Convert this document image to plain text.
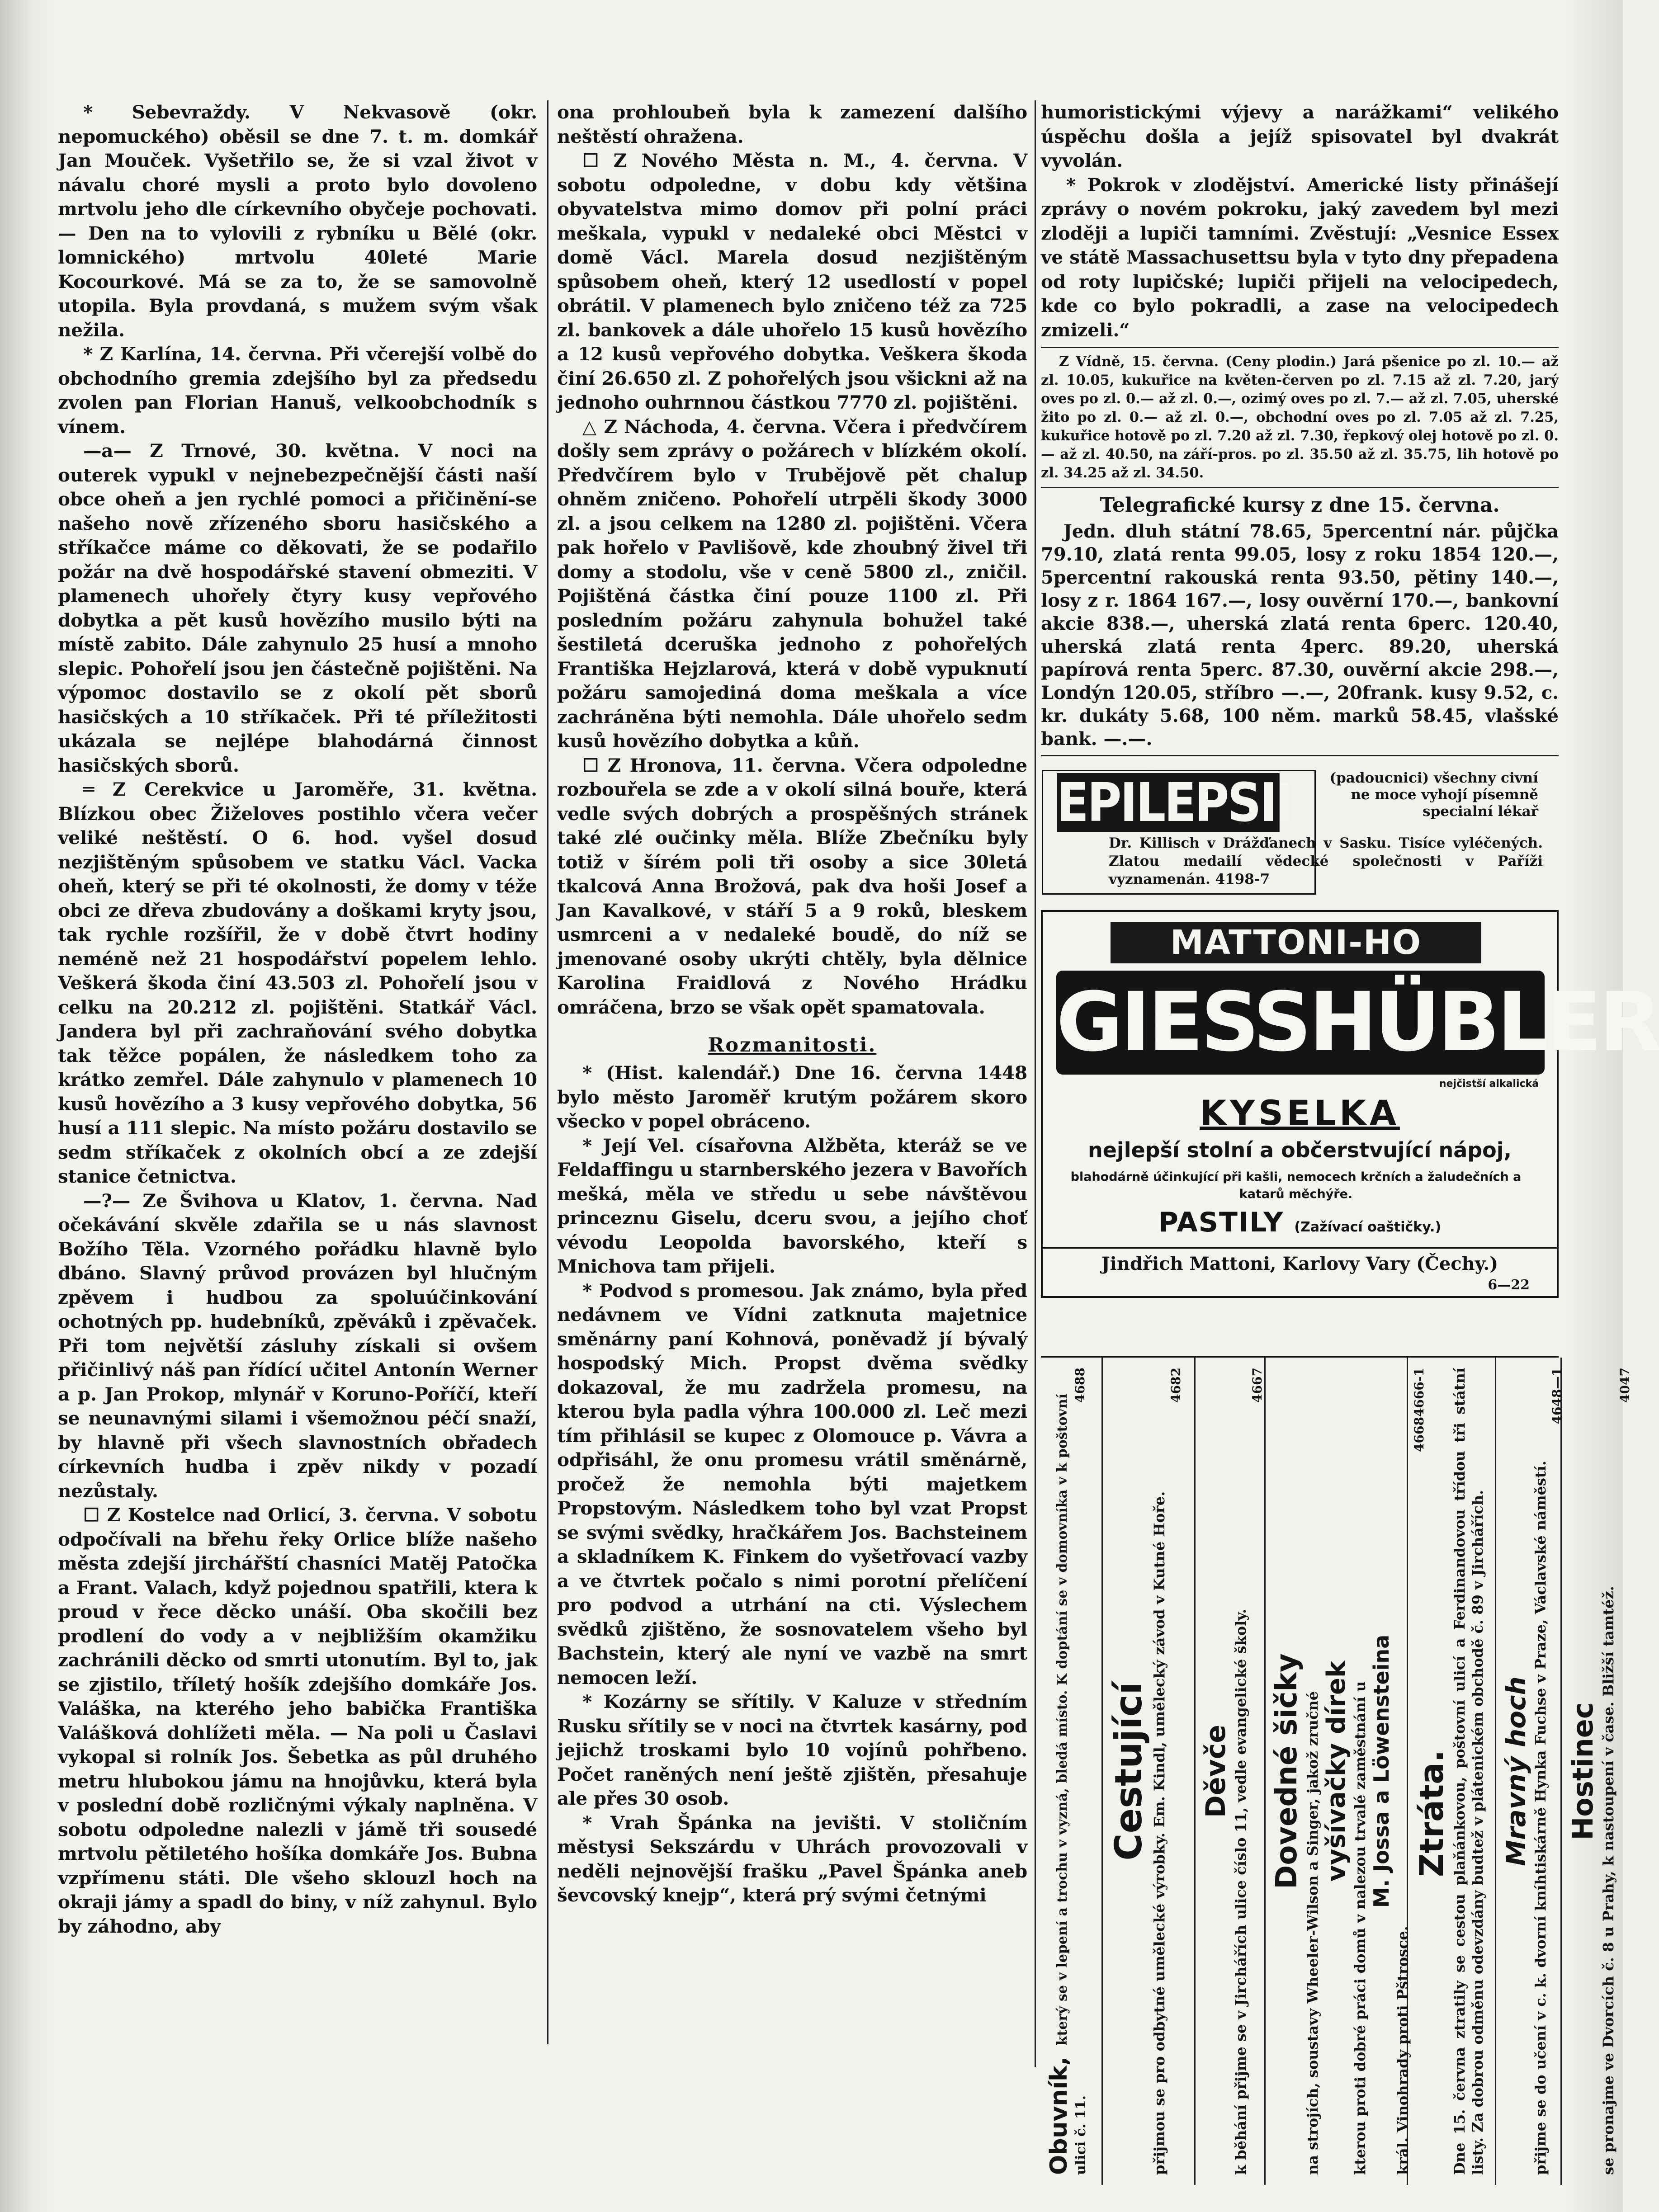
* Sebevraždy. V Nekvasově (okr. nepomuckého) oběsil se dne 7. t. m. domkář Jan Mouček. Vyšetřilo se, že si vzal život v návalu choré mysli a proto bylo dovoleno mrtvolu jeho dle církevního obyčeje pochovati. — Den na to vylovili z rybníku u Bělé (okr. lomnického) mrtvolu 40leté Marie Kocourkové. Má se za to, že se samovolně utopila. Byla provdaná, s mužem svým však nežila.

* Z Karlína, 14. června. Při včerejší volbě do obchodního gremia zdejšího byl za předsedu zvolen pan Florian Hanuš, velkoobchodník s vínem.

—a— Z Trnové, 30. května. V noci na outerek vypukl v nejnebezpečnější části naší obce oheň a jen rychlé pomoci a přičinění-se našeho nově zřízeného sboru hasičského a stříkačce máme co děkovati, že se podařilo požár na dvě hospodářské stavení obmeziti. V plamenech uhořely čtyry kusy vepřového dobytka a pět kusů hovězího musilo býti na místě zabito. Dále zahynulo 25 husí a mnoho slepic. Pohořelí jsou jen částečně pojištěni. Na výpomoc dostavilo se z okolí pět sborů hasičských a 10 stříkaček. Při té příležitosti ukázala se nejlépe blahodárná činnost hasičských sborů.

═ Z Cerekvice u Jaroměře, 31. května. Blízkou obec Žiželoves postihlo včera večer veliké neštěstí. O 6. hod. vyšel dosud nezjištěným spůsobem ve statku Václ. Vacka oheň, který se při té okolnosti, že domy v téže obci ze dřeva zbudovány a doškami kryty jsou, tak rychle rozšířil, že v době čtvrt hodiny neméně než 21 hospodářství popelem lehlo. Veškerá škoda činí 43.503 zl. Pohořelí jsou v celku na 20.212 zl. pojištěni. Statkář Václ. Jandera byl při zachraňování svého dobytka tak těžce popálen, že následkem toho za krátko zemřel. Dále zahynulo v plamenech 10 kusů hovězího a 3 kusy vepřového dobytka, 56 husí a 111 slepic. Na místo požáru dostavilo se sedm stříkaček z okolních obcí a ze zdejší stanice četnictva.

—?— Ze Švihova u Klatov, 1. června. Nad očekávání skvěle zdařila se u nás slavnost Božího Těla. Vzorného pořádku hlavně bylo dbáno. Slavný průvod provázen byl hlučným zpěvem i hudbou za spoluúčinkování ochotných pp. hudebníků, zpěváků i zpěvaček. Při tom největší zásluhy získali si ovšem přičinlivý náš pan řídící učitel Antonín Werner a p. Jan Prokop, mlynář v Koruno-Poříčí, kteří se neunavnými silami i všemožnou péčí snaží, by hlavně při všech slavnostních obřadech církevních hudba i zpěv nikdy v pozadí nezůstaly.

☐ Z Kostelce nad Orlicí, 3. června. V sobotu odpočívali na břehu řeky Orlice blíže našeho města zdejší jirchářští chasníci Matěj Patočka a Frant. Valach, když pojednou spatřili, ktera k proud v řece děcko unáší. Oba skočili bez prodlení do vody a v nejbližším okamžiku zachránili děcko od smrti utonutím. Byl to, jak se zjistilo, tříletý hošík zdejšího domkáře Jos. Valáška, na kterého jeho babička Františka Valášková dohlížeti měla. — Na poli u Časlavi vykopal si rolník Jos. Šebetka as půl druhého metru hlubokou jámu na hnojůvku, která byla v poslední době rozličnými výkaly naplněna. V sobotu odpoledne nalezli v jámě tři sousedé mrtvolu pětiletého hošíka domkáře Jos. Bubna vzpřímenu státi. Dle všeho sklouzl hoch na okraji jámy a spadl do biny, v níž zahynul. Bylo by záhodno, aby

ona prohloubeň byla k zamezení dalšího neštěstí ohražena.

☐ Z Nového Města n. M., 4. června. V sobotu odpoledne, v dobu kdy většina obyvatelstva mimo domov při polní práci meškala, vypukl v nedaleké obci Městci v domě Václ. Marela dosud nezjištěným spůsobem oheň, který 12 usedlostí v popel obrátil. V plamenech bylo zničeno též za 725 zl. bankovek a dále uhořelo 15 kusů hovězího a 12 kusů vepřového dobytka. Veškera škoda činí 26.650 zl. Z pohořelých jsou všickni až na jednoho ouhrnnou částkou 7770 zl. pojištěni.

△ Z Náchoda, 4. června. Včera i předvčírem došly sem zprávy o požárech v blízkém okolí. Předvčírem bylo v Trubějově pět chalup ohněm zničeno. Pohořelí utrpěli škody 3000 zl. a jsou celkem na 1280 zl. pojištěni. Včera pak hořelo v Pavlišově, kde zhoubný živel tři domy a stodolu, vše v ceně 5800 zl., zničil. Pojištěná částka činí pouze 1100 zl. Při posledním požáru zahynula bohužel také šestiletá dceruška jednoho z pohořelých Františka Hejzlarová, která v době vypuknutí požáru samojediná doma meškala a více zachráněna býti nemohla. Dále uhořelo sedm kusů hovězího dobytka a kůň.

☐ Z Hronova, 11. června. Včera odpoledne rozbouřela se zde a v okolí silná bouře, která vedle svých dobrých a prospěšných stránek také zlé oučinky měla. Blíže Zbečníku byly totiž v šírém poli tři osoby a sice 30letá tkalcová Anna Brožová, pak dva hoši Josef a Jan Kavalkové, v stáří 5 a 9 roků, bleskem usmrceni a v nedaleké boudě, do níž se jmenované osoby ukrýti chtěly, byla dělnice Karolina Fraidlová z Nového Hrádku omráčena, brzo se však opět spamatovala.

Rozmanitosti.

* (Hist. kalendář.) Dne 16. června 1448 bylo město Jaroměř krutým požárem skoro všecko v popel obráceno.

* Její Vel. císařovna Alžběta, kteráž se ve Feldaffingu u starnberského jezera v Bavořích mešká, měla ve středu u sebe návštěvou princeznu Giselu, dceru svou, a jejího choť vévodu Leopolda bavorského, kteří s Mnichova tam přijeli.

* Podvod s promesou. Jak známo, byla před nedávnem ve Vídni zatknuta majetnice směnárny paní Kohnová, poněvadž jí bývalý hospodský Mich. Propst dvěma svědky dokazoval, že mu zadržela promesu, na kterou byla padla výhra 100.000 zl. Leč mezi tím přihlásil se kupec z Olomouce p. Vávra a odpřisáhl, že onu promesu vrátil směnárně, pročež že nemohla býti majetkem Propstovým. Následkem toho byl vzat Propst se svými svědky, hračkářem Jos. Bachsteinem a skladníkem K. Finkem do vyšetřovací vazby a ve čtvrtek počalo s nimi porotní přelíčení pro podvod a utrhání na cti. Výslechem svědků zjištěno, že sosnovatelem všeho byl Bachstein, který ale nyní ve vazbě na smrt nemocen leží.

* Kozárny se sřítily. V Kaluze v středním Rusku sřítily se v noci na čtvrtek kasárny, pod jejichž troskami bylo 10 vojínů pohřbeno. Počet raněných není ještě zjištěn, přesahuje ale přes 30 osob.

* Vrah Špánka na jevišti. V stoličním městysi Sekszárdu v Uhrách provozovali v neděli nejnovější frašku „Pavel Špánka aneb ševcovský knejp“, která prý svými četnými

humoristickými výjevy a narážkami“ velikého úspěchu došla a jejíž spisovatel byl dvakrát vyvolán.

* Pokrok v zlodějství. Americké listy přinášejí zprávy o novém pokroku, jaký zavedem byl mezi zloději a lupiči tamními. Zvěstují: „Vesnice Essex ve státě Massachusettsu byla v tyto dny přepadena od roty lupičské; lupiči přijeli na velocipedech, kde co bylo pokradli, a zase na velocipedech zmizeli.“

Z Vídně, 15. června. (Ceny plodin.) Jará pšenice po zl. 10.— až zl. 10.05, kukuřice na květen-červen po zl. 7.15 až zl. 7.20, jarý oves po zl. 0.— až zl. 0.—, ozimý oves po zl. 7.— až zl. 7.05, uherské žito po zl. 0.— až zl. 0.—, obchodní oves po zl. 7.05 až zl. 7.25, kukuřice hotově po zl. 7.20 až zl. 7.30, řepkový olej hotově po zl. 0.— až zl. 40.50, na září-pros. po zl. 35.50 až zl. 35.75, lih hotově po zl. 34.25 až zl. 34.50.

Telegrafické kursy z dne 15. června.

Jedn. dluh státní 78.65, 5percentní nár. půjčka 79.10, zlatá renta 99.05, losy z roku 1854 120.—, 5percentní rakouská renta 93.50, pětiny 140.—, losy z r. 1864 167.—, losy ouvěrní 170.—, bankovní akcie 838.—, uherská zlatá renta 6perc. 120.40, uherská zlatá renta 4perc. 89.20, uherská papírová renta 5perc. 87.30, ouvěrní akcie 298.—, Londýn 120.05, stříbro —.—, 20frank. kusy 9.52, c. kr. dukáty 5.68, 100 něm. marků 58.45, vlašské bank. —.—.

EPILEPSII	(padoucnici) všechny civní ne moce vyhojí písemně specialní lékař
Dr. Killisch v Drážďanech v Sasku. Tisíce vyléčených. Zlatou medailí vědecké společnosti v Paříži vyznamenán. 4198-7
MATTONI-HO
GIESSHÜBLER
nejčistší alkalická
KYSELKA
nejlepší stolní a občerstvující nápoj,
blahodárně účinkující při kašli, nemocech krčních a žaludečních a katarů měchýře.
PASTILY (Zažívací oaštičky.)
Jindřich Mattoni, Karlovy Vary (Čechy.)
6—22
Obuvník, který se v lepení a trochu v vyzná, bledá místo. K doptání se v domovníka v k poštovní ulici č. 11.
4688
Cestující přijmou se pro odbytné umělecké výrobky. Em. Kindl, umělecký závod v Kutné Hoře.

4682
Děvče k běhání přijme se v Jirchářích ulice číslo 11, vedle evangelické školy.

4667
Dovedné šičky na strojích, soustavy Wheeler-Wilson a Singer, jakož zručné vyšívačky dírek kterou proti dobré práci domů v nalezou trvalé zaměstnání u M. Jossa a Löwensteina

král. Vinohrady proti Pštrosce.

4666-1
4668
Ztráta. Dne 15. června ztratily se cestou plaňánkovou, poštovní ulicí a Ferdinandovou třídou tři státní listy. Za dobrou odměnu odevzdány budtež v plátenickém obchodě č. 89 v Jirchářích. Mravný hoch přijme se do učení v c. k. dvorní kníhtiskárně Hynka Fuchse v Praze, Václavské náměstí.

4648—1
Hostinec se pronajme ve Dvorcích č. 8 u Prahy, k nastoupení v čase. Bližší tamtéž.

4047
